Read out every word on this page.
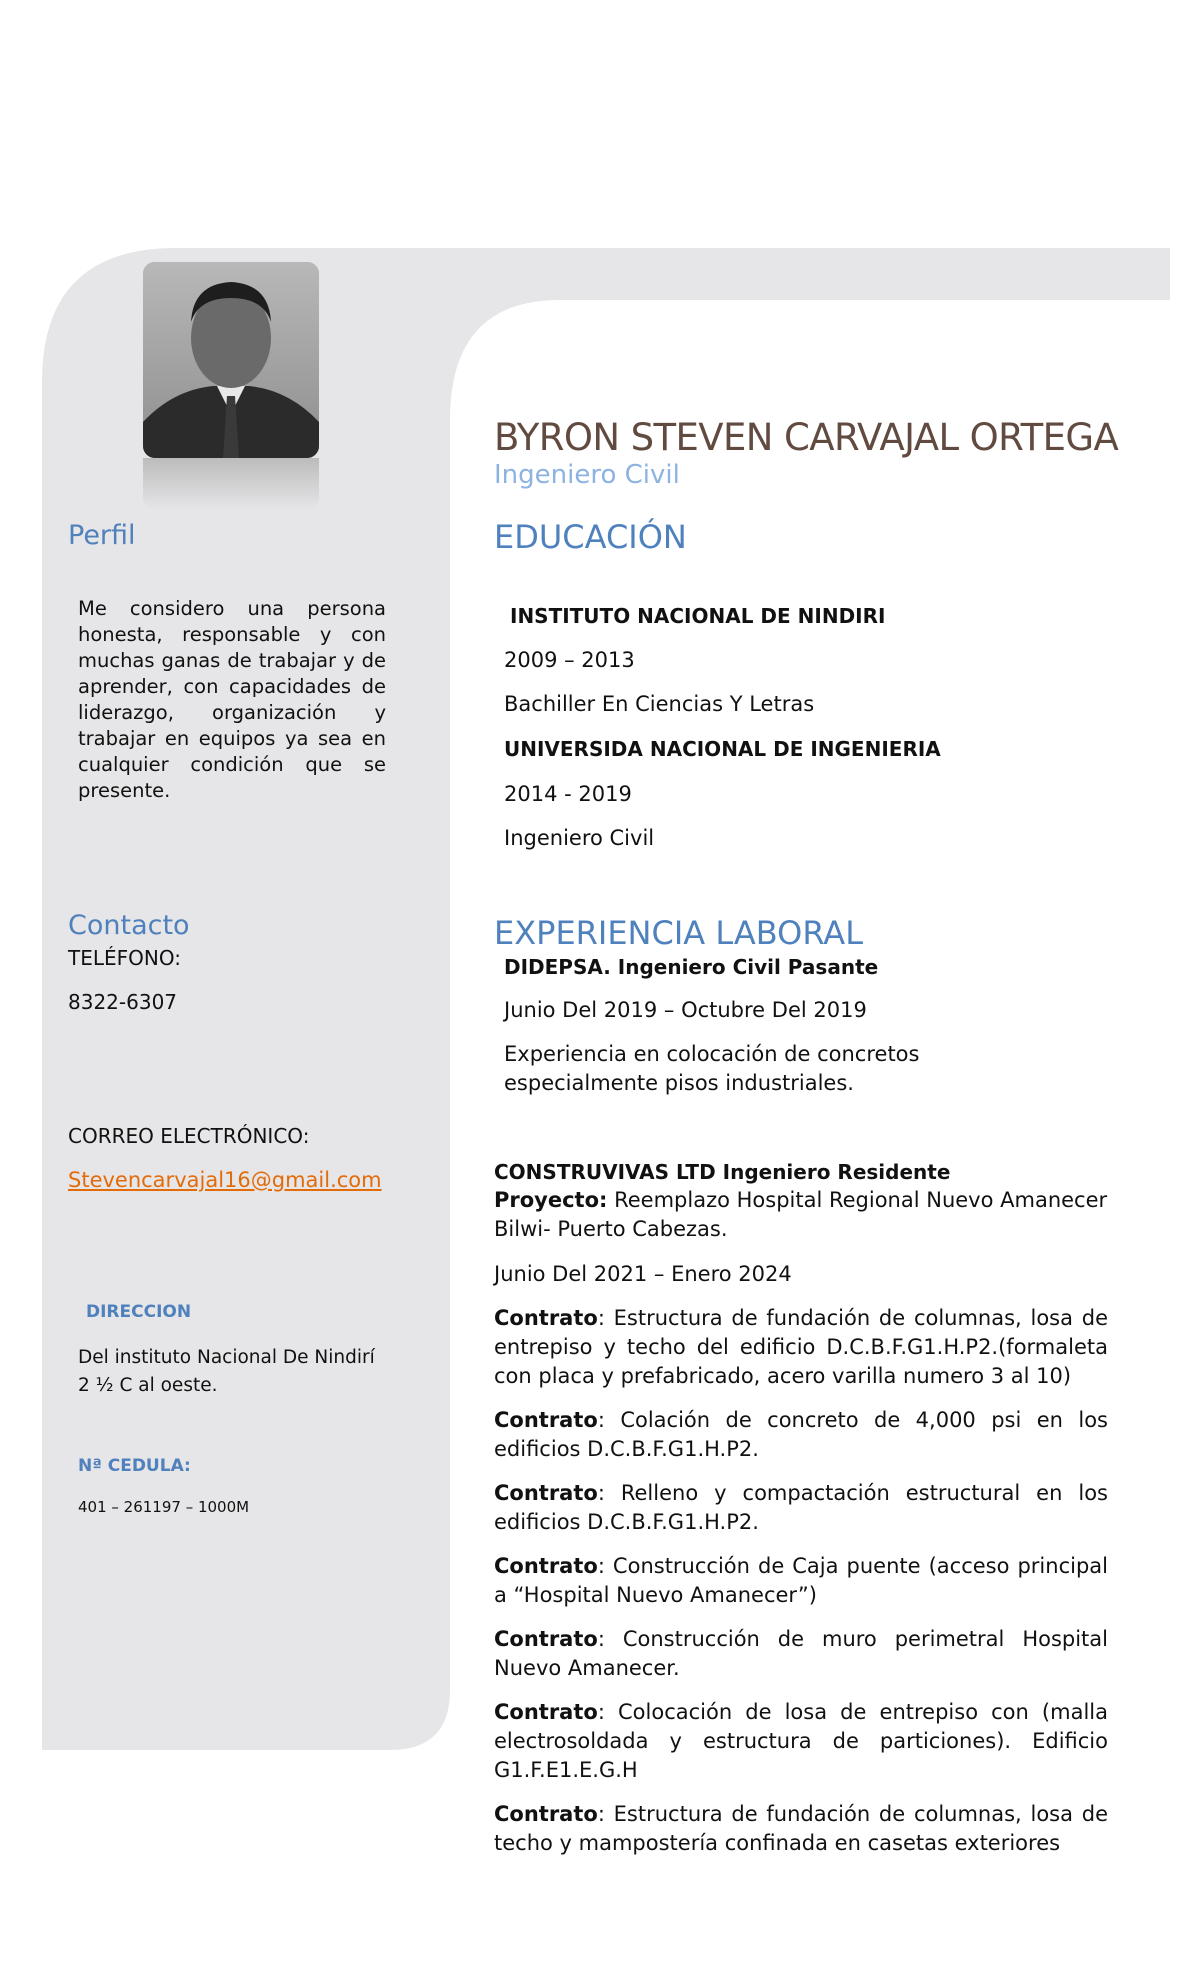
Perfil
Me considero una persona honesta, responsable y con muchas ganas de trabajar y de aprender, con capacidades de liderazgo, organización y trabajar en equipos ya sea en cualquier condición que se presente.
Contacto
TELÉFONO:
8322-6307
CORREO ELECTRÓNICO:
Stevencarvajal16@gmail.com
DIRECCION
Del instituto Nacional De Nindirí
2 ½ C al oeste.
Nª CEDULA:
401 – 261197 – 1000M
BYRON STEVEN CARVAJAL ORTEGA
Ingeniero Civil
EDUCACIÓN
INSTITUTO NACIONAL DE NINDIRI
2009 – 2013
Bachiller En Ciencias Y Letras
UNIVERSIDA NACIONAL DE INGENIERIA
2014 - 2019
Ingeniero Civil
EXPERIENCIA LABORAL
DIDEPSA. Ingeniero Civil Pasante
Junio Del 2019 – Octubre Del 2019
Experiencia en colocación de concretos
especialmente pisos industriales.
CONSTRUVIVAS LTD Ingeniero Residente
Proyecto: Reemplazo Hospital Regional Nuevo Amanecer Bilwi- Puerto Cabezas.
Junio Del 2021 – Enero 2024
Contrato: Estructura de fundación de columnas, losa de entrepiso y techo del edificio D.C.B.F.G1.H.P2.(formaleta con placa y prefabricado, acero varilla numero 3 al 10)
Contrato: Colación de concreto de 4,000 psi en los edificios D.C.B.F.G1.H.P2.
Contrato: Relleno y compactación estructural en los edificios D.C.B.F.G1.H.P2.
Contrato: Construcción de Caja puente (acceso principal a “Hospital Nuevo Amanecer”)
Contrato: Construcción de muro perimetral Hospital Nuevo Amanecer.
Contrato: Colocación de losa de entrepiso con (malla electrosoldada y estructura de particiones). Edificio G1.F.E1.E.G.H
Contrato: Estructura de fundación de columnas, losa de techo y mampostería confinada en casetas exteriores
